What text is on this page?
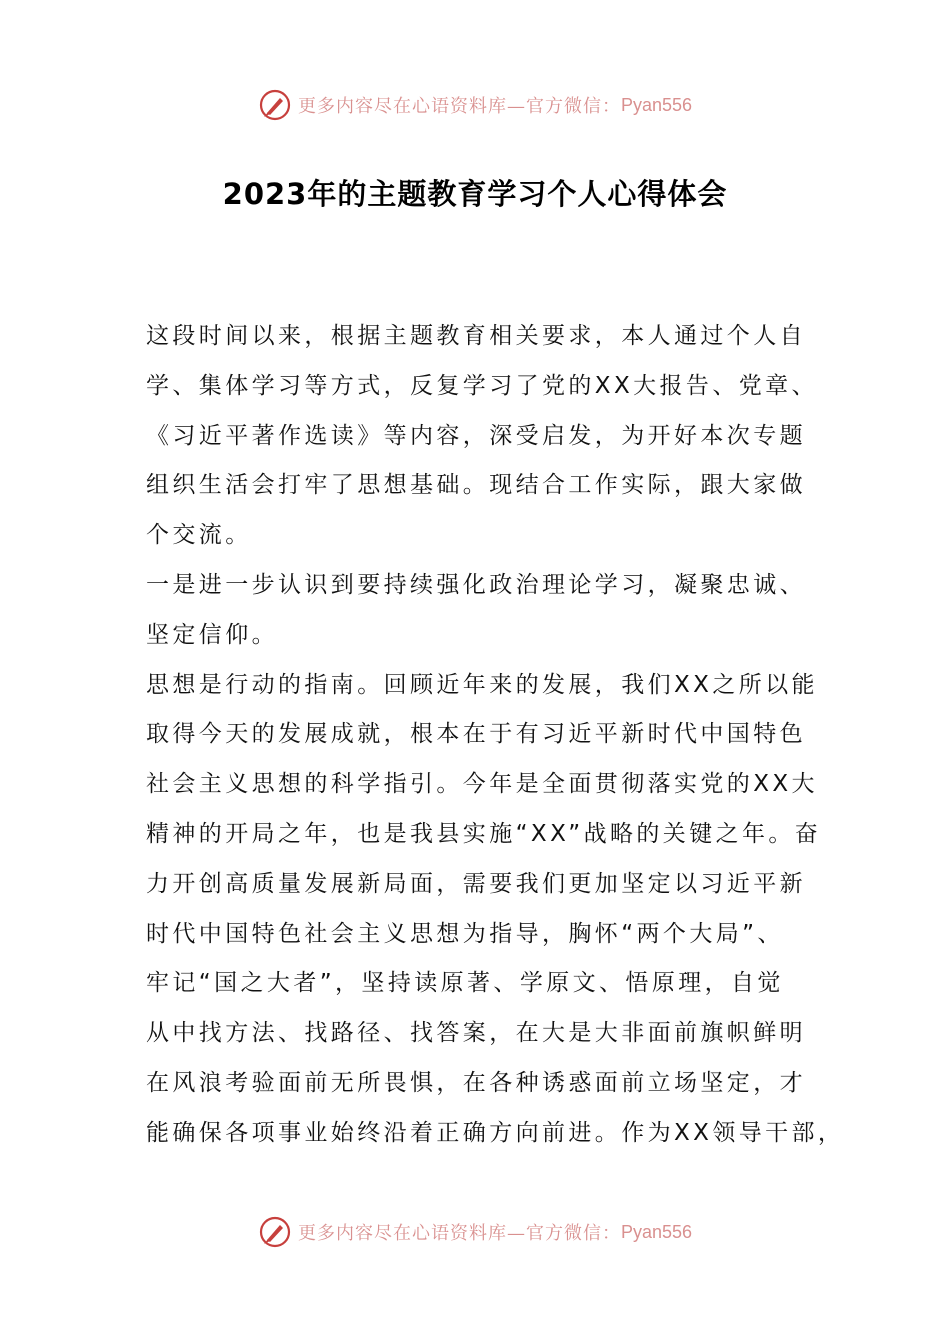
更多内容尽在心语资料库—官方微信： Pyan556
2023年的主题教育学习个人心得体会
这段时间以来，根据主题教育相关要求，本人通过个人自
学、集体学习等方式，反复学习了党的XX大报告、党章、
《习近平著作选读》等内容，深受启发，为开好本次专题
组织生活会打牢了思想基础。现结合工作实际，跟大家做
个交流。
一是进一步认识到要持续强化政治理论学习，凝聚忠诚、
坚定信仰。
思想是行动的指南。回顾近年来的发展，我们XX之所以能
取得今天的发展成就，根本在于有习近平新时代中国特色
社会主义思想的科学指引。今年是全面贯彻落实党的XX大
精神的开局之年，也是我县实施“XX”战略的关键之年。奋
力开创高质量发展新局面，需要我们更加坚定以习近平新
时代中国特色社会主义思想为指导，胸怀“两个大局”、
牢记“国之大者”，坚持读原著、学原文、悟原理，自觉
从中找方法、找路径、找答案，在大是大非面前旗帜鲜明
在风浪考验面前无所畏惧，在各种诱惑面前立场坚定，才
能确保各项事业始终沿着正确方向前进。作为XX领导干部，
更多内容尽在心语资料库—官方微信： Pyan556
